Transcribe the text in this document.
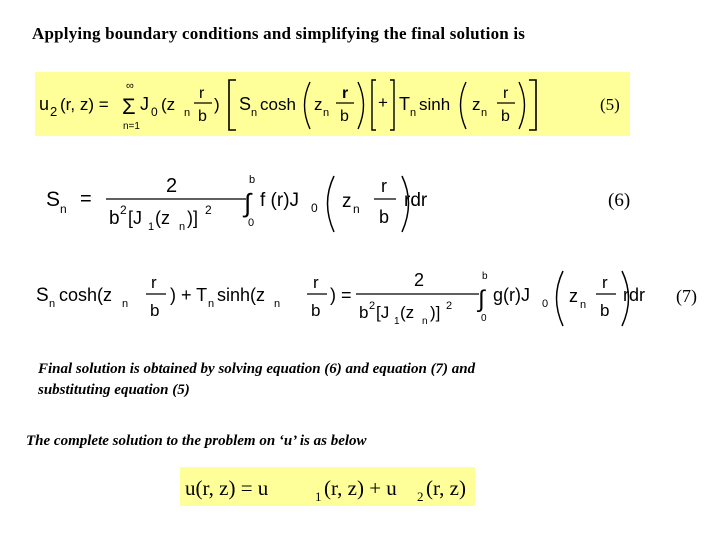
Applying boundary conditions and simplifying the final solution is
u 2 (r, z) =
∞
Σ
n=1
J 0 (z n
r
b
) S n cosh z n
r
b
+ T n sinh z n
r
b
(5)
S n =
2
b 2 [J 1 (z n )] 2
b
∫
0
f (r)J 0 z n
r
b
rdr	(6)
S n cosh(z n
r
b
) + T n sinh(z n
r
b
) =
2
b 2 [J 1 (z n )] 2
b
∫
0
g(r)J 0 z n
r
b
rdr (7)
Final solution is obtained by solving equation (6) and equation (7) and
substituting equation (5)
The complete solution to the problem on ‘u’ is as below
u(r, z) = u	1 (r, z) + u 2 (r, z)
